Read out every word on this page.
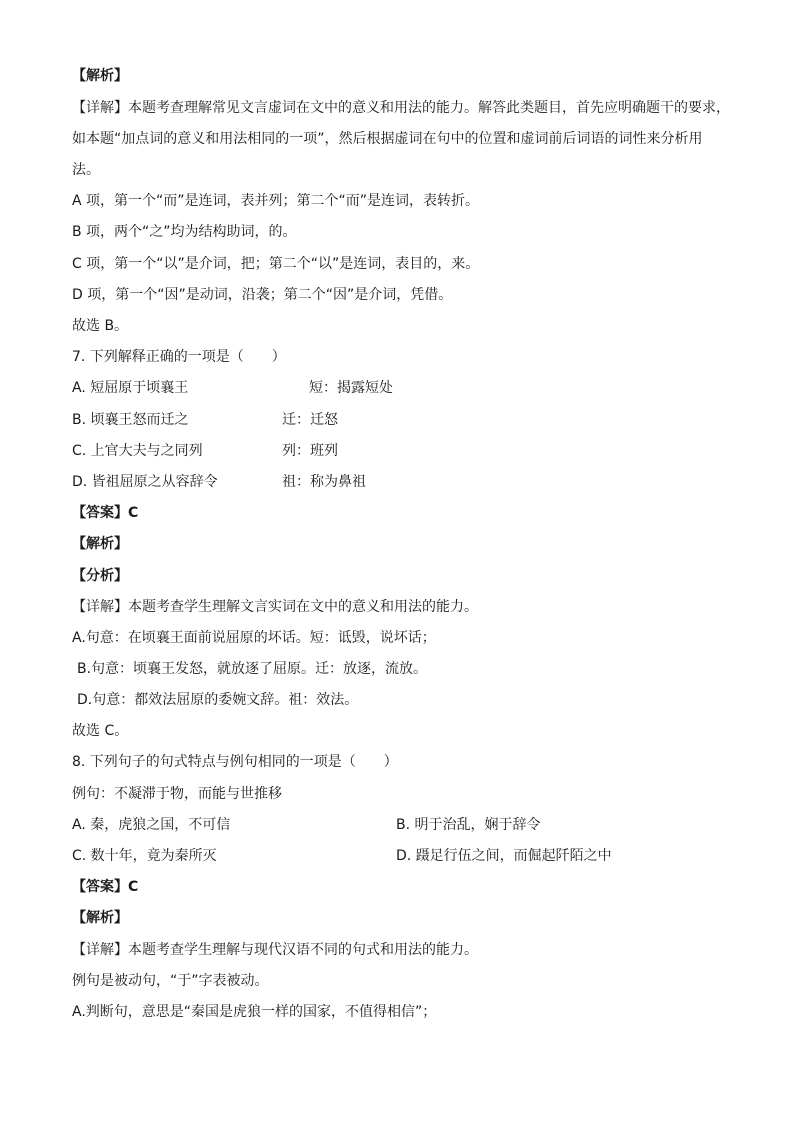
【解析】
【详解】本题考查理解常见文言虚词在文中的意义和用法的能力。解答此类题目，首先应明确题干的要求，
如本题“加点词的意义和用法相同的一项”，然后根据虚词在句中的位置和虚词前后词语的词性来分析用
法。
A 项，第一个“而”是连词，表并列；第二个“而”是连词，表转折。
B 项，两个“之”均为结构助词，的。
C 项，第一个“以”是介词，把；第二个“以”是连词，表目的，来。
D 项，第一个“因”是动词，沿袭；第二个“因”是介词，凭借。
故选 B。
7. 下列解释正确的一项是（　　）
A. 短屈原于顷襄王	短：揭露短处
B. 顷襄王怒而迁之	迁：迁怒
C. 上官大夫与之同列	列：班列
D. 皆祖屈原之从容辞令	祖：称为鼻祖
【答案】C
【解析】
【分析】
【详解】本题考查学生理解文言实词在文中的意义和用法的能力。
A.句意：在顷襄王面前说屈原的坏话。短：诋毁，说坏话；
B.句意：顷襄王发怒，就放逐了屈原。迁：放逐，流放。
D.句意：都效法屈原的委婉文辞。祖：效法。
故选 C。
8. 下列句子的句式特点与例句相同的一项是（　　）
例句：不凝滞于物，而能与世推移
A. 秦，虎狼之国，不可信	B. 明于治乱，娴于辞令
C. 数十年，竟为秦所灭	D. 蹑足行伍之间，而倔起阡陌之中
【答案】C
【解析】
【详解】本题考查学生理解与现代汉语不同的句式和用法的能力。
例句是被动句，“于”字表被动。
A.判断句，意思是“秦国是虎狼一样的国家，不值得相信”；
